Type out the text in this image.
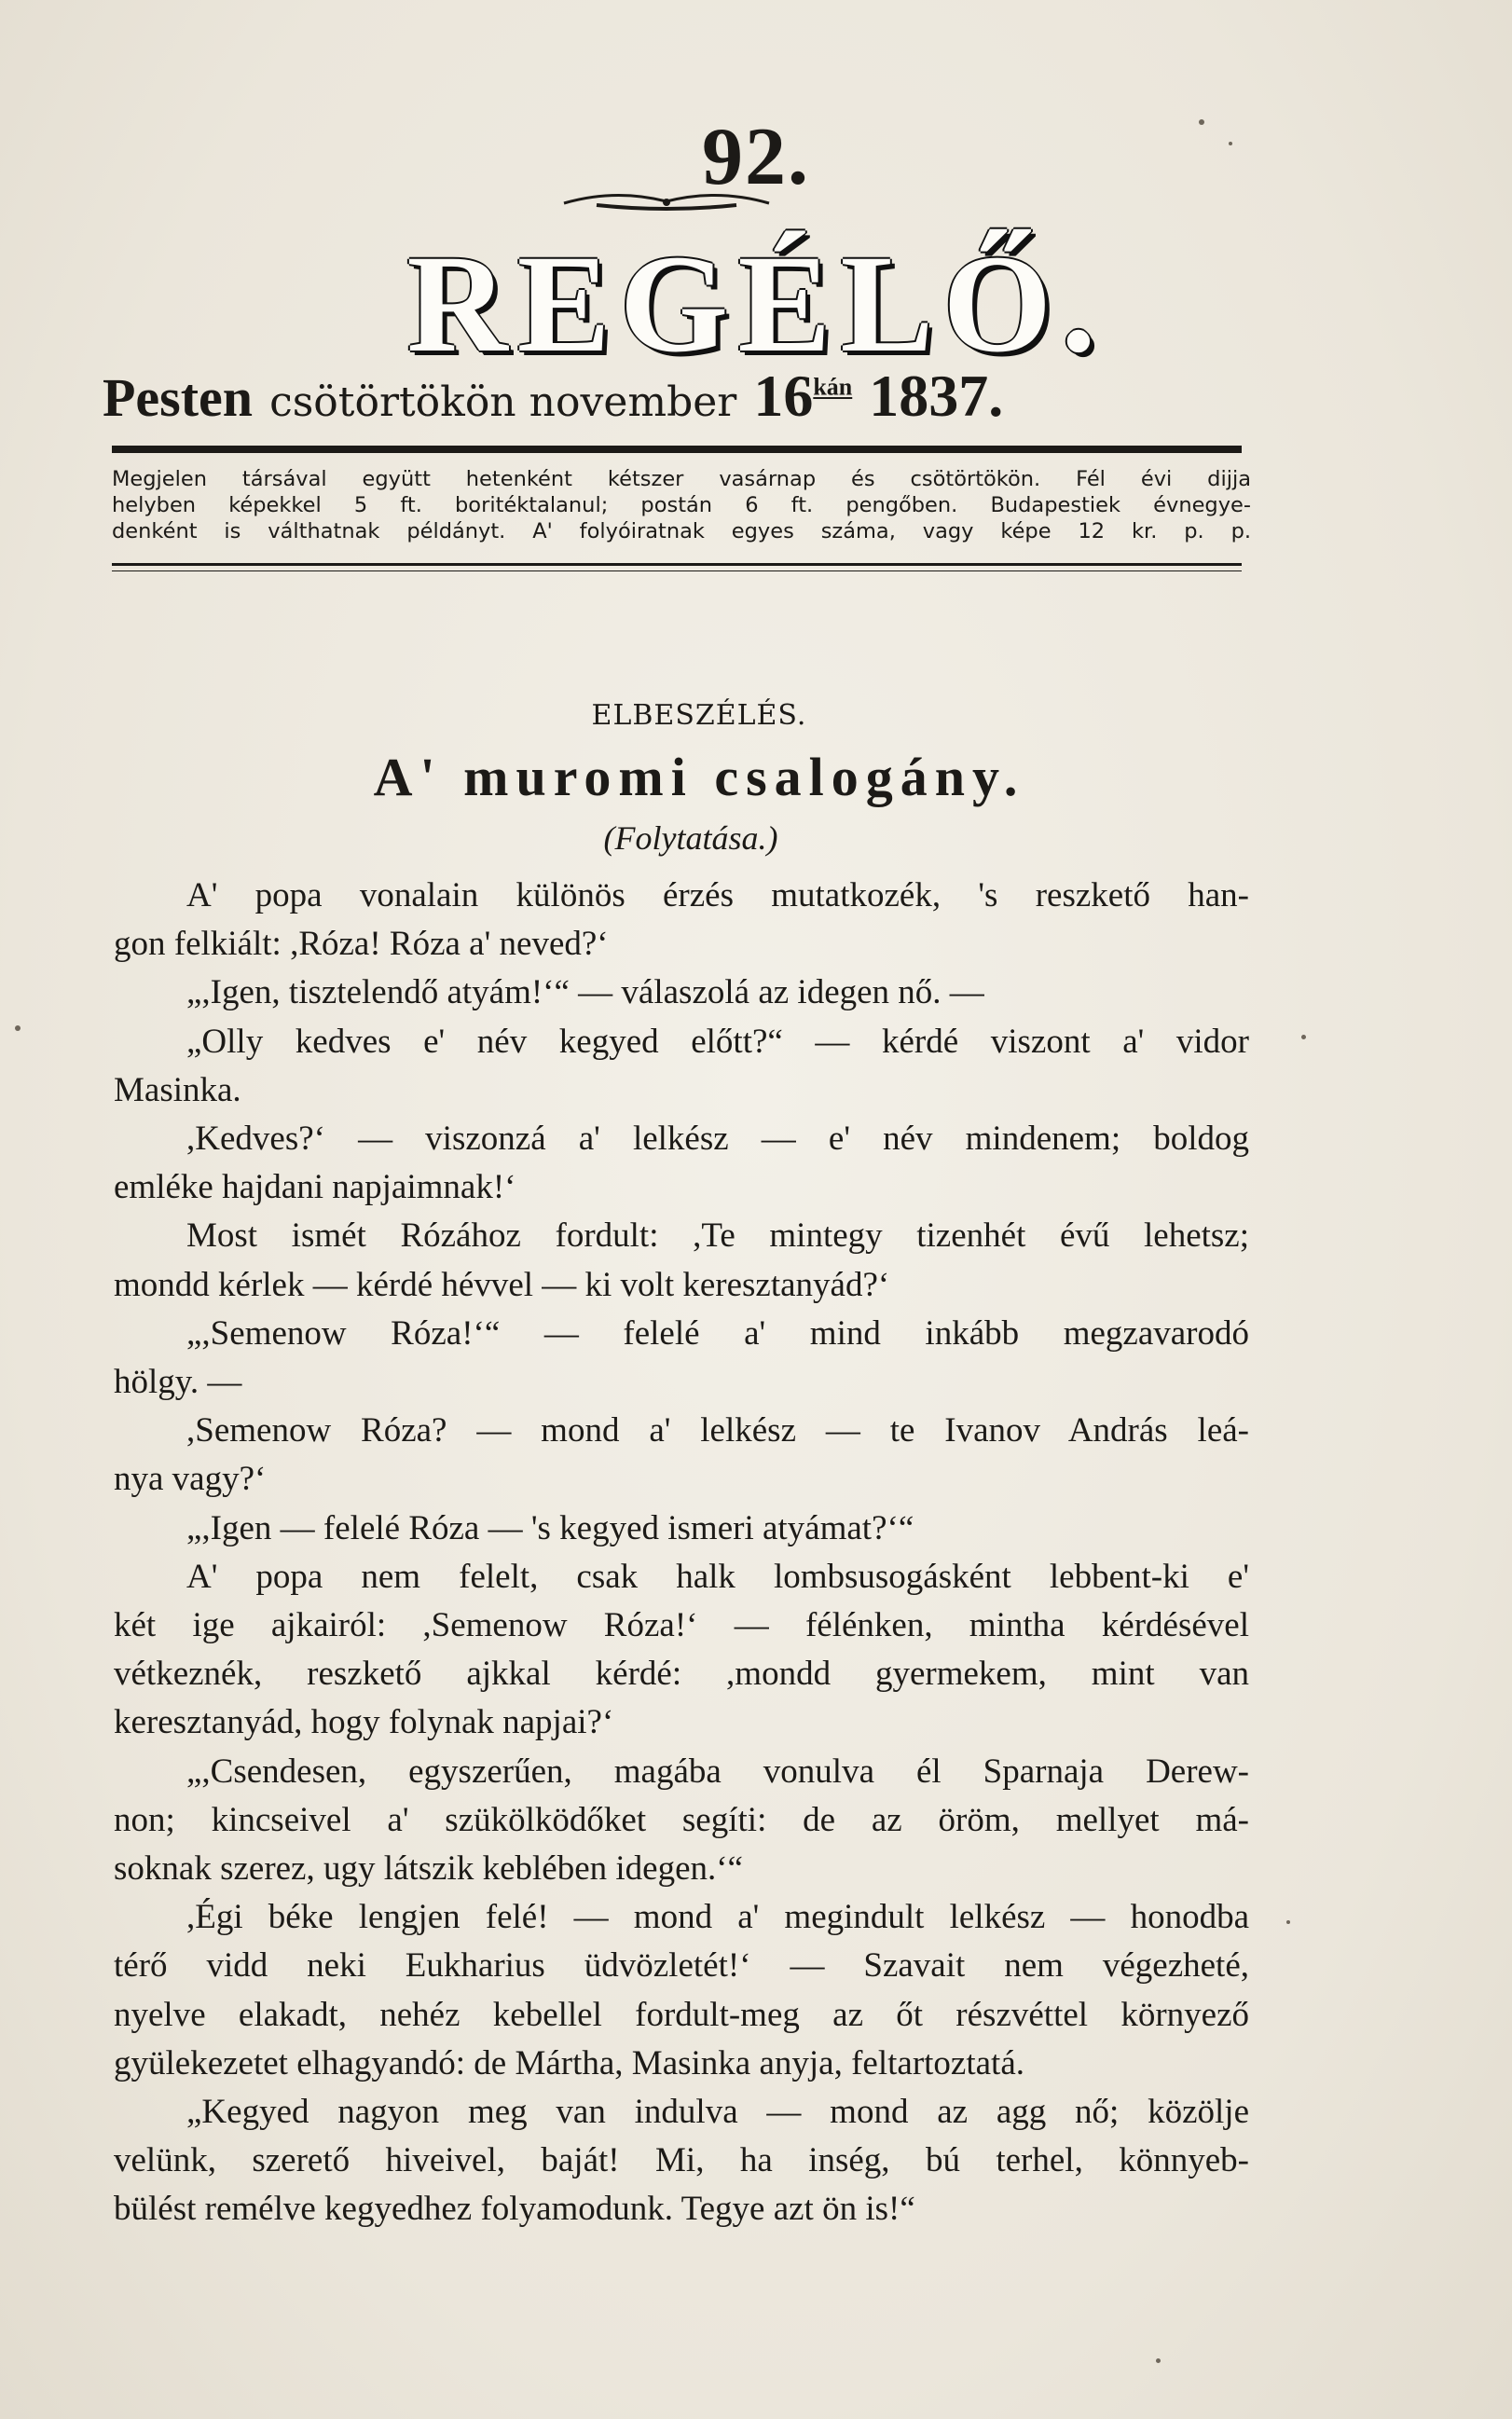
92.
REGÉLŐ.
Pesten csötörtökön november $16^{kán}$ 1837.
Megjelen társával együtt hetenként kétszer vasárnap és csötörtökön. Fél évi dijja
helyben képekkel 5 ft. boritéktalanul; postán 6 ft. pengőben. Budapestiek évnegye-
denként is válthatnak példányt. A' folyóiratnak egyes száma, vagy képe 12 kr. p. p.
ELBESZÉLÉS.
A' muromi csalogány.
(Folytatása.)
A' popa vonalain különös érzés mutatkozék, 's reszkető han-
gon felkiált: ,Róza! Róza a' neved?‘
„,Igen, tisztelendő atyám!‘“ — válaszolá az idegen nő. —
„Olly kedves e' név kegyed előtt?“ — kérdé viszont a' vidor
Masinka.
,Kedves?‘ — viszonzá a' lelkész — e' név mindenem; boldog
emléke hajdani napjaimnak!‘
Most ismét Rózához fordult: ,Te mintegy tizenhét évű lehetsz;
mondd kérlek — kérdé hévvel — ki volt keresztanyád?‘
„,Semenow Róza!‘“ — felelé a' mind inkább megzavarodó
hölgy. —
,Semenow Róza? — mond a' lelkész — te Ivanov András leá-
nya vagy?‘
„,Igen — felelé Róza — 's kegyed ismeri atyámat?‘“
A' popa nem felelt, csak halk lombsusogásként lebbent-ki e'
két ige ajkairól: ,Semenow Róza!‘ — félénken, mintha kérdésével
vétkeznék, reszkető ajkkal kérdé: ,mondd gyermekem, mint van
keresztanyád, hogy folynak napjai?‘
„,Csendesen, egyszerűen, magába vonulva él Sparnaja Derew-
non; kincseivel a' szükölködőket segíti: de az öröm, mellyet má-
soknak szerez, ugy látszik keblében idegen.‘“
,Égi béke lengjen felé! — mond a' megindult lelkész — honodba
térő vidd neki Eukharius üdvözletét!‘ — Szavait nem végezheté,
nyelve elakadt, nehéz kebellel fordult-meg az őt részvéttel környező
gyülekezetet elhagyandó: de Mártha, Masinka anyja, feltartoztatá.
„Kegyed nagyon meg van indulva — mond az agg nő; közölje
velünk, szerető hiveivel, baját! Mi, ha inség, bú terhel, könnyeb-
bülést remélve kegyedhez folyamodunk. Tegye azt ön is!“
